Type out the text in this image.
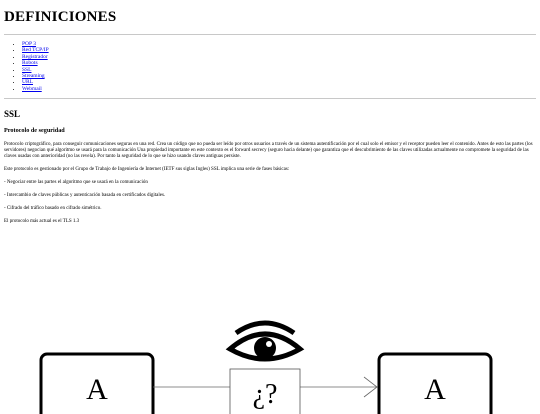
DEFINICIONES
• POP 3
• Red TCP/IP
• Registrador
• Robots
• SSL
• Streaming
• URL
• Webmail
SSL
Protocolo de seguridad

Protocolo criptográfico, para conseguir comunicaciones seguras en una red. Crea un código que no pueda ser leído por otros usuarios a través de un sistema autentificación por el cual solo el emisor y el receptor pueden leer el contenido. Antes de esto las partes (los servidores) negocian qué algoritmo se usará para la comunicación Una propiedad importante en este contexto es el forward secrecy (seguro hacia delante) que garantiza que el descubrimiento de las claves utilizadas actualmente no compromete la seguridad de las claves usadas con anterioridad (no las revela). Por tanto la seguridad de lo que se hizo usando claves antiguas persiste.

Este protocolo es gestionado por el Grupo de Trabajo de Ingeniería de Internet (IETF sus siglas Ingles) SSL implica una serie de fases básicas:

- Negociar entre las partes el algoritmo que se usará en la comunicación

- Intercambio de claves públicas y autenticación basada en certificados digitales.

- Cifrado del tráfico basado en cifrado simétrico.

El protocolo más actual es el TLS 1.3

A	A
¿?
